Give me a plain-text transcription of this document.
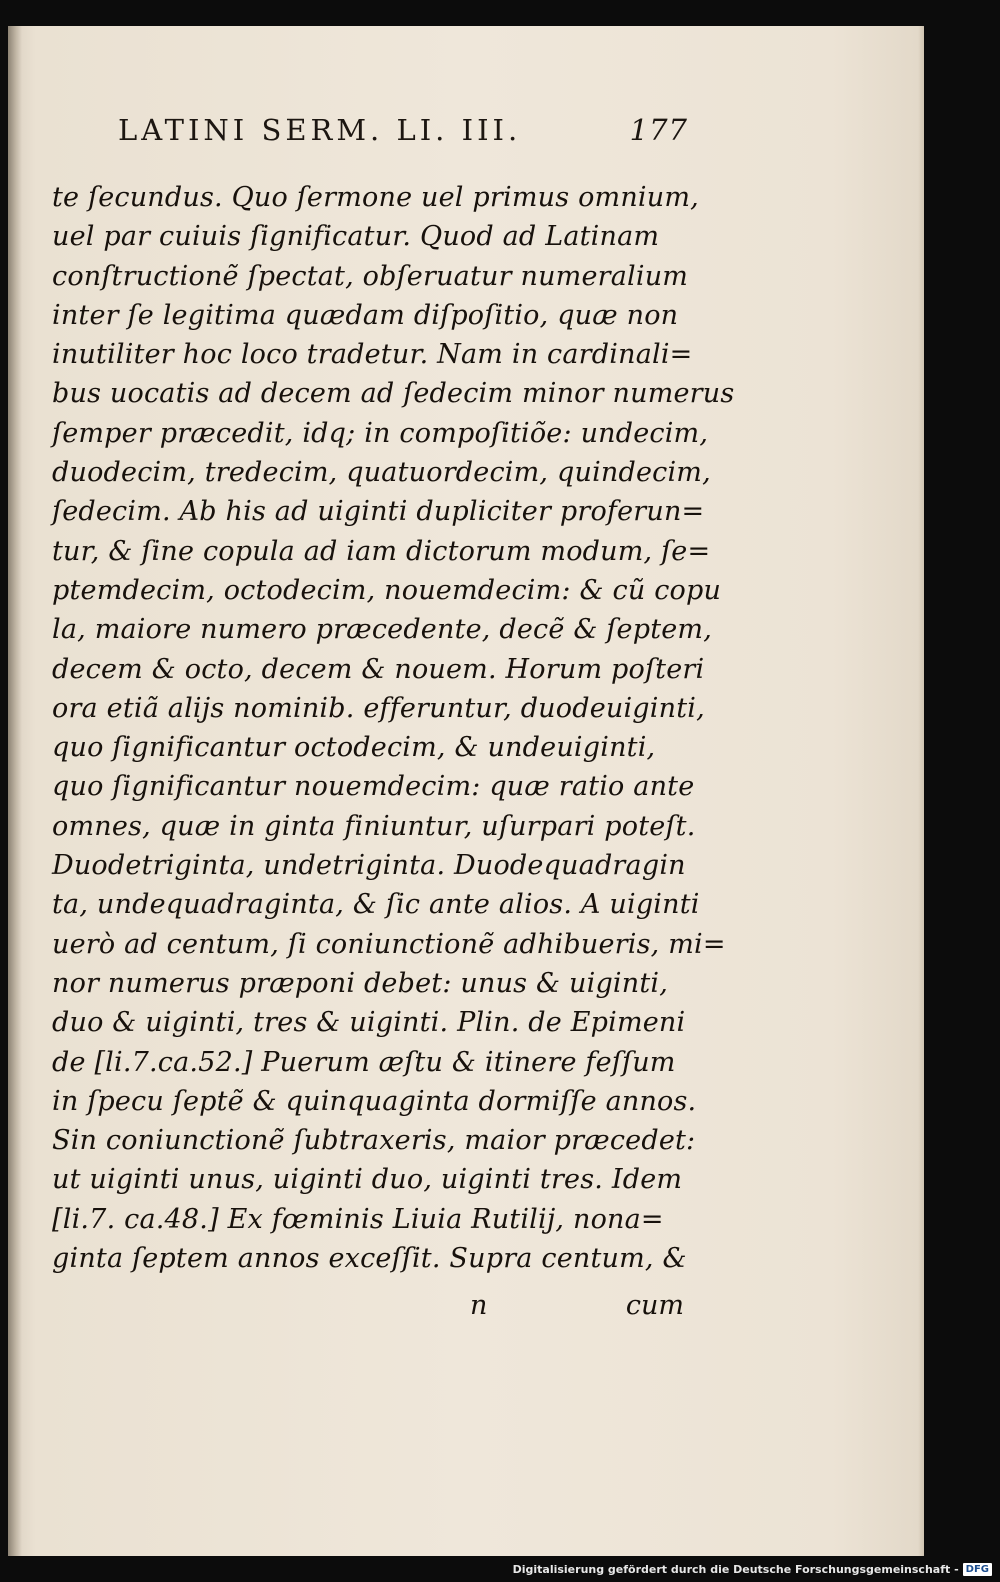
LATINI SERM. LI. III.	177
te ſecundus. Quo ſermone uel primus omnium,
uel par cuiuis ſignificatur. Quod ad Latinam
conſtructionẽ ſpectat, obſeruatur numeralium
inter ſe legitima quædam diſpoſitio, quæ non
inutiliter hoc loco tradetur. Nam in cardinali=
bus uocatis ad decem ad ſedecim minor numerus
ſemper præcedit, idq; in compoſitiõe: undecim,
duodecim, tredecim, quatuordecim, quindecim,
ſedecim. Ab his ad uiginti dupliciter proferun=
tur, & ſine copula ad iam dictorum modum, ſe=
ptemdecim, octodecim, nouemdecim: & cũ copu
la, maiore numero præcedente, decẽ & ſeptem,
decem & octo, decem & nouem. Horum poſteri
ora etiã alijs nominib. efferuntur, duodeuiginti,
quo ſignificantur octodecim, & undeuiginti,
quo ſignificantur nouemdecim: quæ ratio ante
omnes, quæ in ginta finiuntur, uſurpari poteſt.
Duodetriginta, undetriginta. Duodequadragin
ta, undequadraginta, & ſic ante alios. A uiginti
uerò ad centum, ſi coniunctionẽ adhibueris, mi=
nor numerus præponi debet: unus & uiginti,
duo & uiginti, tres & uiginti. Plin. de Epimeni
de [li.7.ca.52.] Puerum æſtu & itinere feſſum
in ſpecu ſeptẽ & quinquaginta dormiſſe annos.
Sin coniunctionẽ ſubtraxeris, maior præcedet:
ut uiginti unus, uiginti duo, uiginti tres. Idem
[li.7. ca.48.] Ex fœminis Liuia Rutilij, nona=
ginta ſeptem annos exceſſit. Supra centum, &
n	cum
Digitalisierung gefördert durch die Deutsche Forschungsgemeinschaft - DFG
